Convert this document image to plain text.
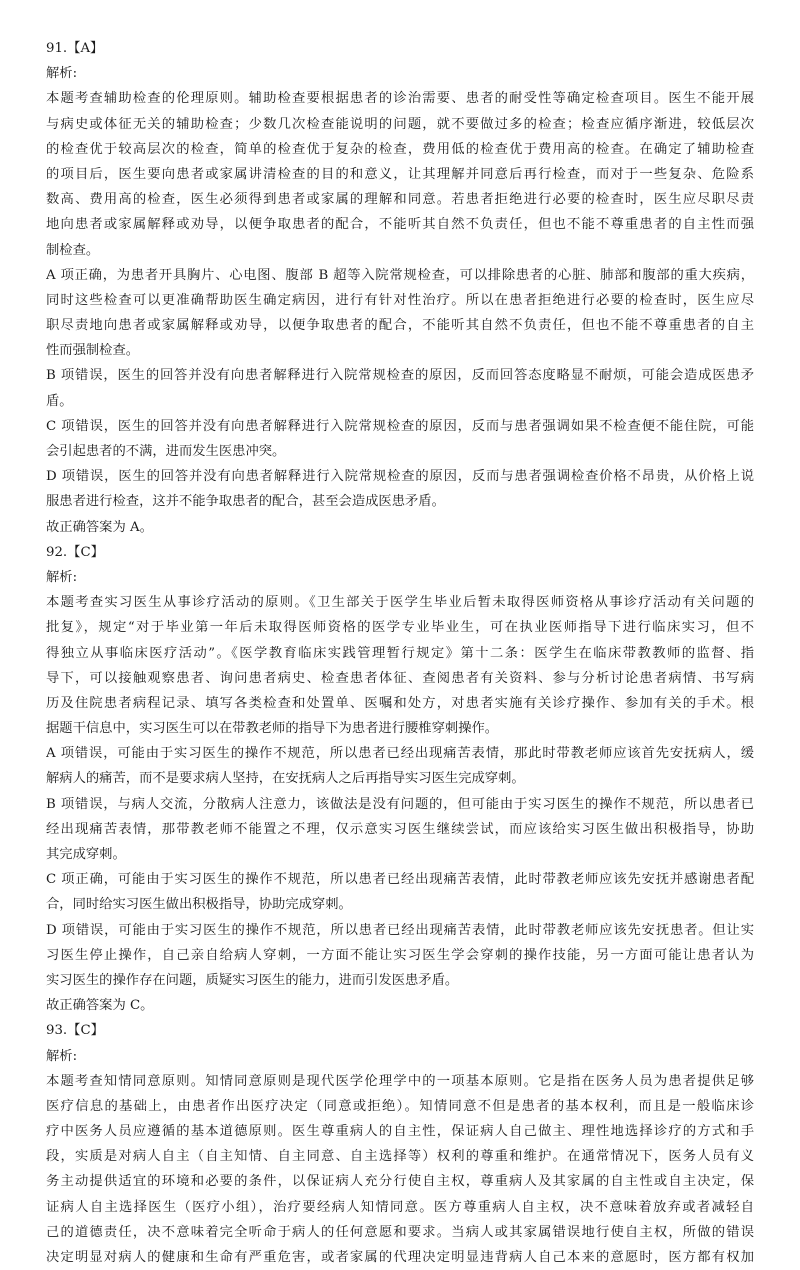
91.【A】
解析:
本题考查辅助检查的伦理原则。辅助检查要根据患者的诊治需要、患者的耐受性等确定检查项目。医生不能开展
与病史或体征无关的辅助检查；少数几次检查能说明的问题，就不要做过多的检查；检查应循序渐进，较低层次
的检查优于较高层次的检查，简单的检查优于复杂的检查，费用低的检查优于费用高的检查。在确定了辅助检查
的项目后，医生要向患者或家属讲清检查的目的和意义，让其理解并同意后再行检查，而对于一些复杂、危险系
数高、费用高的检查，医生必须得到患者或家属的理解和同意。若患者拒绝进行必要的检查时，医生应尽职尽责
地向患者或家属解释或劝导，以便争取患者的配合，不能听其自然不负责任，但也不能不尊重患者的自主性而强
制检查。
A 项正确，为患者开具胸片、心电图、腹部 B 超等入院常规检查，可以排除患者的心脏、肺部和腹部的重大疾病，
同时这些检查可以更准确帮助医生确定病因，进行有针对性治疗。所以在患者拒绝进行必要的检查时，医生应尽
职尽责地向患者或家属解释或劝导，以便争取患者的配合，不能听其自然不负责任，但也不能不尊重患者的自主
性而强制检查。
B 项错误，医生的回答并没有向患者解释进行入院常规检查的原因，反而回答态度略显不耐烦，可能会造成医患矛
盾。
C 项错误，医生的回答并没有向患者解释进行入院常规检查的原因，反而与患者强调如果不检查便不能住院，可能
会引起患者的不满，进而发生医患冲突。
D 项错误，医生的回答并没有向患者解释进行入院常规检查的原因，反而与患者强调检查价格不昂贵，从价格上说
服患者进行检查，这并不能争取患者的配合，甚至会造成医患矛盾。
故正确答案为 A。
92.【C】
解析:
本题考查实习医生从事诊疗活动的原则。《卫生部关于医学生毕业后暂未取得医师资格从事诊疗活动有关问题的
批复》，规定“对于毕业第一年后未取得医师资格的医学专业毕业生，可在执业医师指导下进行临床实习，但不
得独立从事临床医疗活动”。《医学教育临床实践管理暂行规定》第十二条：医学生在临床带教教师的监督、指
导下，可以接触观察患者、询问患者病史、检查患者体征、查阅患者有关资料、参与分析讨论患者病情、书写病
历及住院患者病程记录、填写各类检查和处置单、医嘱和处方，对患者实施有关诊疗操作、参加有关的手术。根
据题干信息中，实习医生可以在带教老师的指导下为患者进行腰椎穿刺操作。
A 项错误，可能由于实习医生的操作不规范，所以患者已经出现痛苦表情，那此时带教老师应该首先安抚病人，缓
解病人的痛苦，而不是要求病人坚持，在安抚病人之后再指导实习医生完成穿刺。
B 项错误，与病人交流，分散病人注意力，该做法是没有问题的，但可能由于实习医生的操作不规范，所以患者已
经出现痛苦表情，那带教老师不能置之不理，仅示意实习医生继续尝试，而应该给实习医生做出积极指导，协助
其完成穿刺。
C 项正确，可能由于实习医生的操作不规范，所以患者已经出现痛苦表情，此时带教老师应该先安抚并感谢患者配
合，同时给实习医生做出积极指导，协助完成穿刺。
D 项错误，可能由于实习医生的操作不规范，所以患者已经出现痛苦表情，此时带教老师应该先安抚患者。但让实
习医生停止操作，自己亲自给病人穿刺，一方面不能让实习医生学会穿刺的操作技能，另一方面可能让患者认为
实习医生的操作存在问题，质疑实习医生的能力，进而引发医患矛盾。
故正确答案为 C。
93.【C】
解析:
本题考查知情同意原则。知情同意原则是现代医学伦理学中的一项基本原则。它是指在医务人员为患者提供足够
医疗信息的基础上，由患者作出医疗决定（同意或拒绝）。知情同意不但是患者的基本权利，而且是一般临床诊
疗中医务人员应遵循的基本道德原则。医生尊重病人的自主性，保证病人自己做主、理性地选择诊疗的方式和手
段，实质是对病人自主（自主知情、自主同意、自主选择等）权利的尊重和维护。在通常情况下，医务人员有义
务主动提供适宜的环境和必要的条件，以保证病人充分行使自主权，尊重病人及其家属的自主性或自主决定，保
证病人自主选择医生（医疗小组），治疗要经病人知情同意。医方尊重病人自主权，决不意味着放弃或者减轻自
己的道德责任，决不意味着完全听命于病人的任何意愿和要求。当病人或其家属错误地行使自主权，所做的错误
决定明显对病人的健康和生命有严重危害，或者家属的代理决定明显违背病人自己本来的意愿时，医方都有权加
